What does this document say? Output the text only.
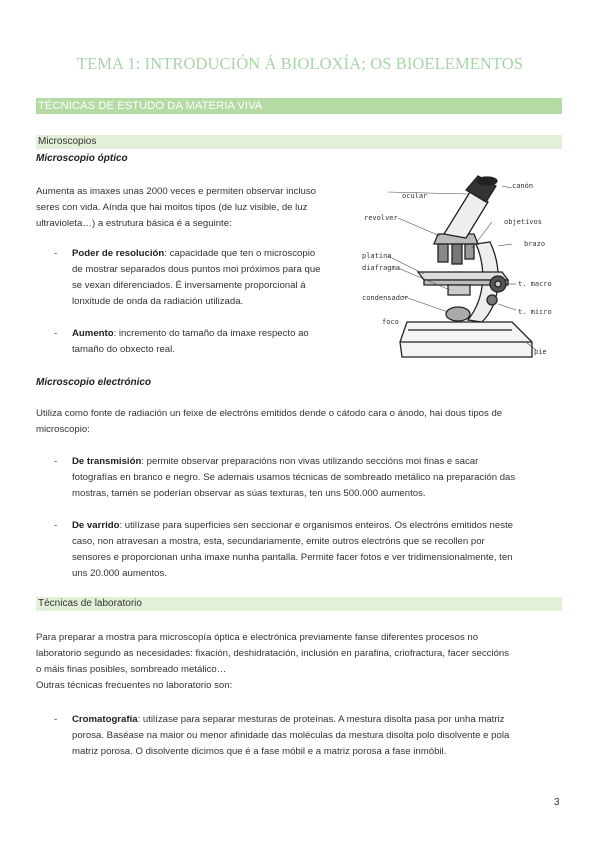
TEMA 1: INTRODUCIÓN Á BIOLOXÍA; OS BIOELEMENTOS
TÉCNICAS DE ESTUDO DA MATERIA VIVA
Microscopios
Microscopio óptico
Aumenta as imaxes unas 2000 veces e permiten observar incluso
seres con vida. Aínda que hai moitos tipos (de luz visible, de luz
ultravioleta…) a estrutura básica é a seguinte:
- Poder de resolución: capacidade que ten o microscopio
de mostrar separados dous puntos moi próximos para que
se vexan diferenciados. É inversamente proporcional á
lonxitude de onda da radiación utilizada.
- Aumento: incremento do tamaño da imaxe respecto ao
tamaño do obxecto real.
ocular
canón
revolver	objetivos
brazo
platina
diafragma
condensador
t. macro
t. micro
foco
pie
Microscopio electrónico
Utiliza como fonte de radiación un feixe de electróns emitidos dende o cátodo cara o ánodo, hai dous tipos de
microscopio:
- De transmisión: permite observar preparacións non vivas utilizando seccións moi finas e sacar
fotografías en branco e negro. Se ademais usamos técnicas de sombreado metálico na preparación das
mostras, tamén se poderían observar as súas texturas, ten uns 500.000 aumentos.
- De varrido: utilízase para superficies sen seccionar e organismos enteiros. Os electróns emitidos neste
caso, non atravesan a mostra, esta, secundariamente, emite outros electróns que se recollen por
sensores e proporcionan unha imaxe nunha pantalla. Permite facer fotos e ver tridimensionalmente, ten
uns 20.000 aumentos.
Técnicas de laboratorio
Para preparar a mostra para microscopía óptica e electrónica previamente fanse diferentes procesos no
laboratorio segundo as necesidades: fixación, deshidratación, inclusión en parafina, criofractura, facer seccións
o máis finas posibles, sombreado metálico…
Outras técnicas frecuentes no laboratorio son:
- Cromatografía: utilízase para separar mesturas de proteínas. A mestura disolta pasa por unha matriz
porosa. Baséase na maior ou menor afinidade das moléculas da mestura disolta polo disolvente e pola
matriz porosa. O disolvente dicimos que é a fase móbil e a matriz porosa a fase inmóbil.
3
